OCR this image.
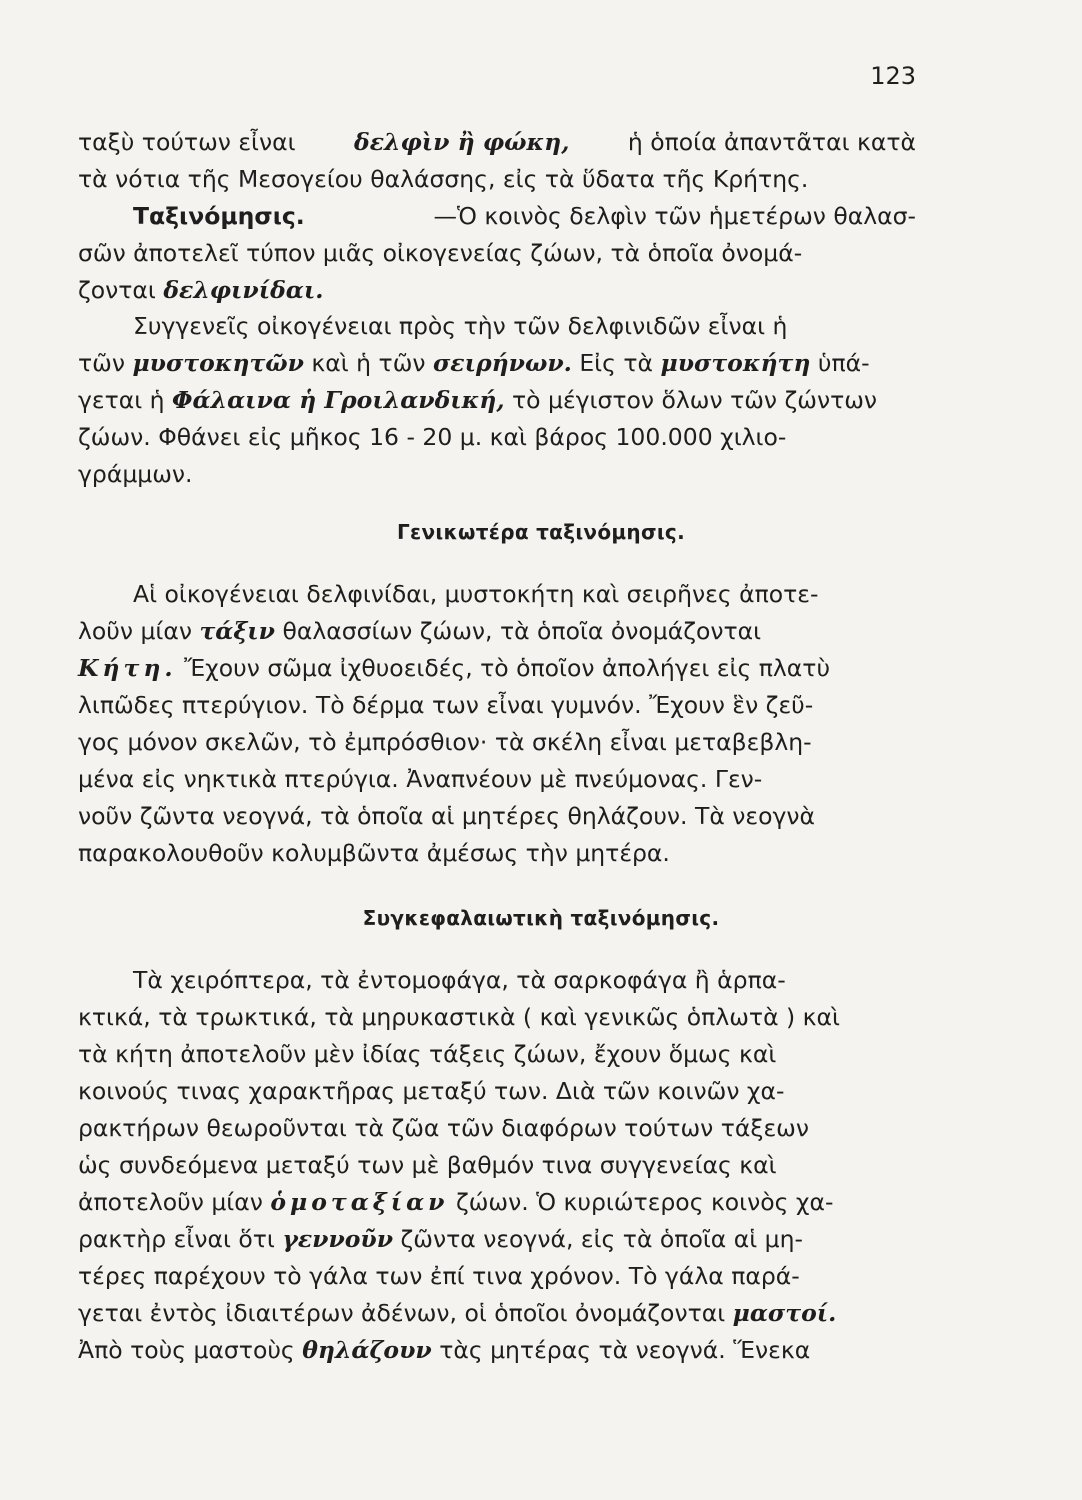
123
ταξὺ τούτων εἶναι δελφὶν ἢ φώκη, ἡ ὁποία ἀπαντᾶται κατὰ
τὰ νότια τῆς Μεσογείου θαλάσσης, εἰς τὰ ὕδατα τῆς Κρήτης.
Ταξινόμησις.	—Ὁ κοινὸς δελφὶν τῶν ἡμετέρων θαλασ-
σῶν ἀποτελεῖ τύπον μιᾶς οἰκογενείας ζώων, τὰ ὁποῖα ὀνομά-
ζονται δελφινίδαι.
Συγγενεῖς οἰκογένειαι πρὸς τὴν τῶν δελφινιδῶν εἶναι ἡ
τῶν μυστοκητῶν καὶ ἡ τῶν σειρήνων. Εἰς τὰ μυστοκήτη ὑπά-
γεται ἡ Φάλαινα ἡ Γροιλανδική, τὸ μέγιστον ὅλων τῶν ζώντων
ζώων. Φθάνει εἰς μῆκος 16 - 20 μ. καὶ βάρος 100.000 χιλιο-
γράμμων.
Γενικωτέρα ταξινόμησις.
Αἱ οἰκογένειαι δελφινίδαι, μυστοκήτη καὶ σειρῆνες ἀποτε-
λοῦν μίαν τάξιν θαλασσίων ζώων, τὰ ὁποῖα ὀνομάζονται
Κήτη. Ἔχουν σῶμα ἰχθυοειδές, τὸ ὁποῖον ἀπολήγει εἰς πλατὺ
λιπῶδες πτερύγιον. Τὸ δέρμα των εἶναι γυμνόν. Ἔχουν ἓν ζεῦ-
γος μόνον σκελῶν, τὸ ἐμπρόσθιον· τὰ σκέλη εἶναι μεταβεβλη-
μένα εἰς νηκτικὰ πτερύγια. Ἀναπνέουν μὲ πνεύμονας. Γεν-
νοῦν ζῶντα νεογνά, τὰ ὁποῖα αἱ μητέρες θηλάζουν. Τὰ νεογνὰ
παρακολουθοῦν κολυμβῶντα ἀμέσως τὴν μητέρα.
Συγκεφαλαιωτικὴ ταξινόμησις.
Τὰ χειρόπτερα, τὰ ἐντομοφάγα, τὰ σαρκοφάγα ἢ ἁρπα-
κτικά, τὰ τρωκτικά, τὰ μηρυκαστικὰ ( καὶ γενικῶς ὁπλωτὰ ) καὶ
τὰ κήτη ἀποτελοῦν μὲν ἰδίας τάξεις ζώων, ἔχουν ὅμως καὶ
κοινούς τινας χαρακτῆρας μεταξύ των. Διὰ τῶν κοινῶν χα-
ρακτήρων θεωροῦνται τὰ ζῶα τῶν διαφόρων τούτων τάξεων
ὡς συνδεόμενα μεταξύ των μὲ βαθμόν τινα συγγενείας καὶ
ἀποτελοῦν μίαν ὁμοταξίαν ζώων. Ὁ κυριώτερος κοινὸς χα-
ρακτὴρ εἶναι ὅτι γεννοῦν ζῶντα νεογνά, εἰς τὰ ὁποῖα αἱ μη-
τέρες παρέχουν τὸ γάλα των ἐπί τινα χρόνον. Τὸ γάλα παρά-
γεται ἐντὸς ἰδιαιτέρων ἀδένων, οἱ ὁποῖοι ὀνομάζονται μαστοί.
Ἀπὸ τοὺς μαστοὺς θηλάζουν τὰς μητέρας τὰ νεογνά. Ἕνεκα
